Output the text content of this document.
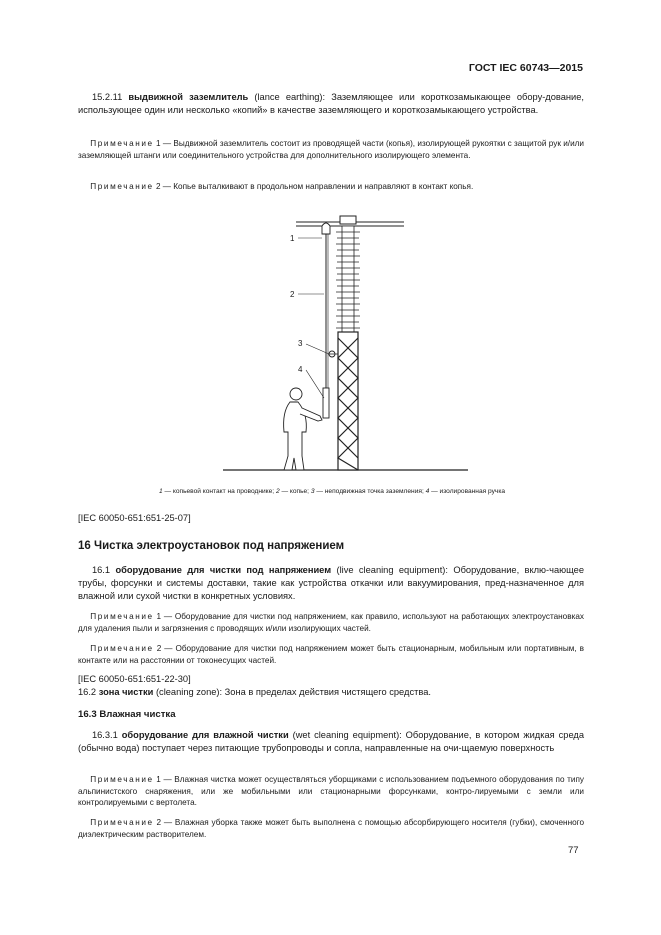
ГОСТ IEC 60743—2015

  15.2.11 выдвижной заземлитель (lance earthing): Заземляющее или короткозамыкающее обору-дование, использующее один или несколько «копий» в качестве заземляющего и короткозамыкающего устройства.

  Примечание 1 — Выдвижной заземлитель состоит из проводящей части (копья), изолирующей рукоятки с защитой рук и/или заземляющей штанги или соединительного устройства для дополнительного изолирующего элемента.

  Примечание 2 — Копье выталкивают в продольном направлении и направляют в контакт копья.

1
2
3
4
1 — копьевой контакт на проводнике; 2 — копье; 3 — неподвижная точка заземления; 4 — изолированная ручка

[IEC 60050-651:651-25-07]

16 Чистка электроустановок под напряжением

  16.1 оборудование для чистки под напряжением (live cleaning equipment): Оборудование, вклю-чающее трубы, форсунки и системы доставки, такие как устройства откачки или вакуумирования, пред-назначенное для влажной или сухой чистки в конкретных условиях.

  Примечание 1 — Оборудование для чистки под напряжением, как правило, используют на работающих электроустановках для удаления пыли и загрязнения с проводящих и/или изолирующих частей.

  Примечание 2 — Оборудование для чистки под напряжением может быть стационарным, мобильным или портативным, в контакте или на расстоянии от токонесущих частей.

[IEC 60050-651:651-22-30]

16.2 зона чистки (cleaning zone): Зона в пределах действия чистящего средства.

16.3 Влажная чистка

  16.3.1 оборудование для влажной чистки (wet cleaning equipment): Оборудование, в котором жидкая среда (обычно вода) поступает через питающие трубопроводы и сопла, направленные на очи-щаемую поверхность

  Примечание 1 — Влажная чистка может осуществляться уборщиками с использованием подъемного оборудования по типу альпинистского снаряжения, или же мобильными или стационарными форсунками, контро-лируемыми с земли или контролируемыми с вертолета.

  Примечание 2 — Влажная уборка также может быть выполнена с помощью абсорбирующего носителя (губки), смоченного диэлектрическим растворителем.

77
